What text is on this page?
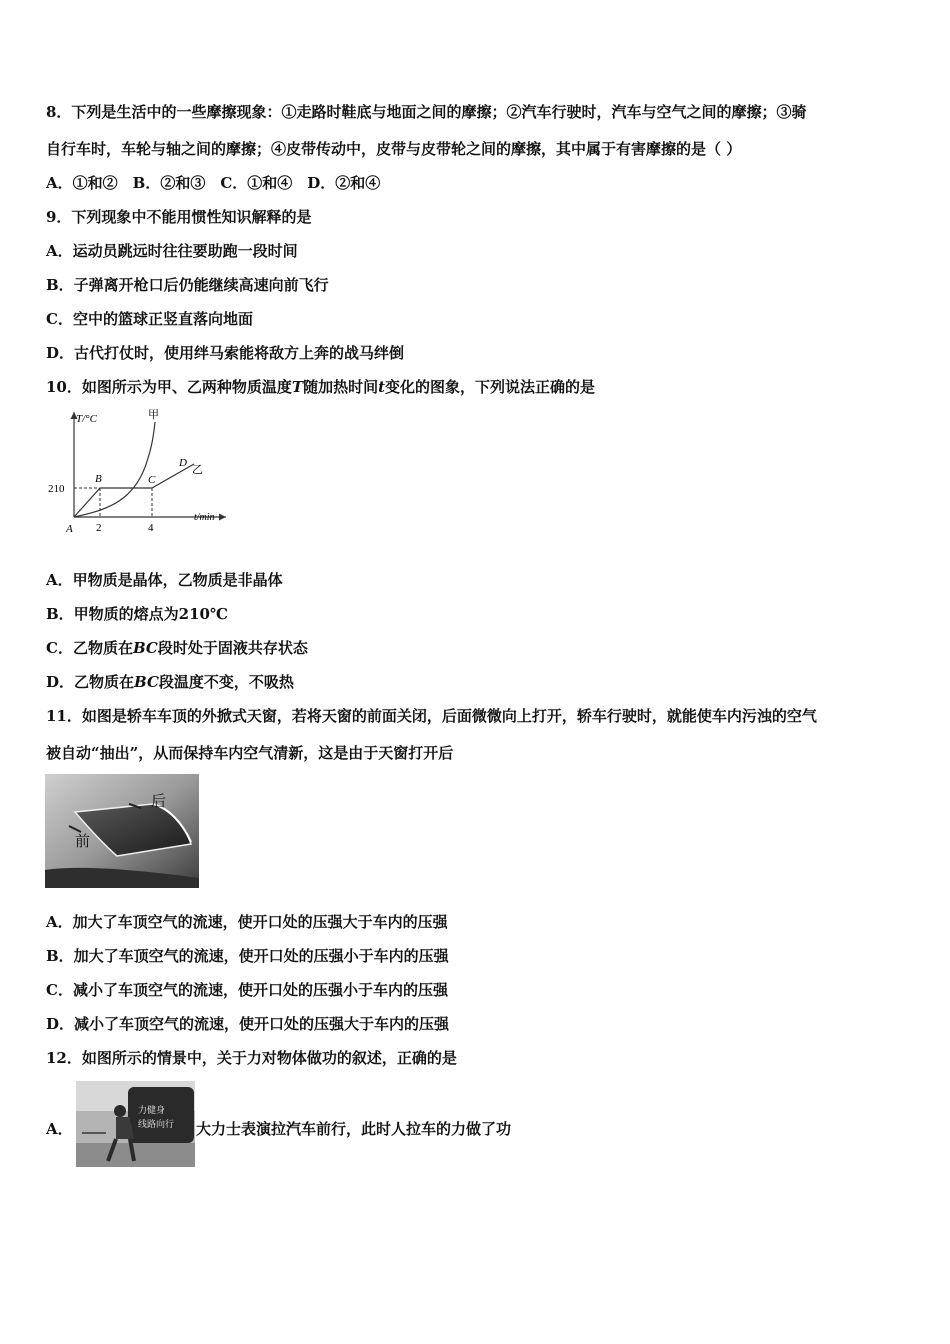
8．下列是生活中的一些摩擦现象：①走路时鞋底与地面之间的摩擦；②汽车行驶时，汽车与空气之间的摩擦；③骑
自行车时，车轮与轴之间的摩擦；④皮带传动中，皮带与皮带轮之间的摩擦，其中属于有害摩擦的是（ ）
A．①和②　B．②和③　C．①和④　D．②和④
9．下列现象中不能用惯性知识解释的是
A．运动员跳远时往往要助跑一段时间
B．子弹离开枪口后仍能继续高速向前飞行
C．空中的篮球正竖直落向地面
D．古代打仗时，使用绊马索能将敌方上奔的战马绊倒
10．如图所示为甲、乙两种物质温度T随加热时间t变化的图象，下列说法正确的是
T/°C
t/min
210
2	4
A
B	C
D
甲
乙
A．甲物质是晶体，乙物质是非晶体
B．甲物质的熔点为210℃
C．乙物质在BC段时处于固液共存状态
D．乙物质在BC段温度不变，不吸热
11．如图是轿车车顶的外掀式天窗，若将天窗的前面关闭，后面微微向上打开，轿车行驶时，就能使车内污浊的空气
被自动“抽出”，从而保持车内空气清新，这是由于天窗打开后
后
前
A．加大了车顶空气的流速，使开口处的压强大于车内的压强
B．加大了车顶空气的流速，使开口处的压强小于车内的压强
C．减小了车顶空气的流速，使开口处的压强小于车内的压强
D．减小了车顶空气的流速，使开口处的压强大于车内的压强
12．如图所示的情景中，关于力对物体做功的叙述，正确的是
A．
力健身
线路向行 大力士表演拉汽车前行，此时人拉车的力做了功
